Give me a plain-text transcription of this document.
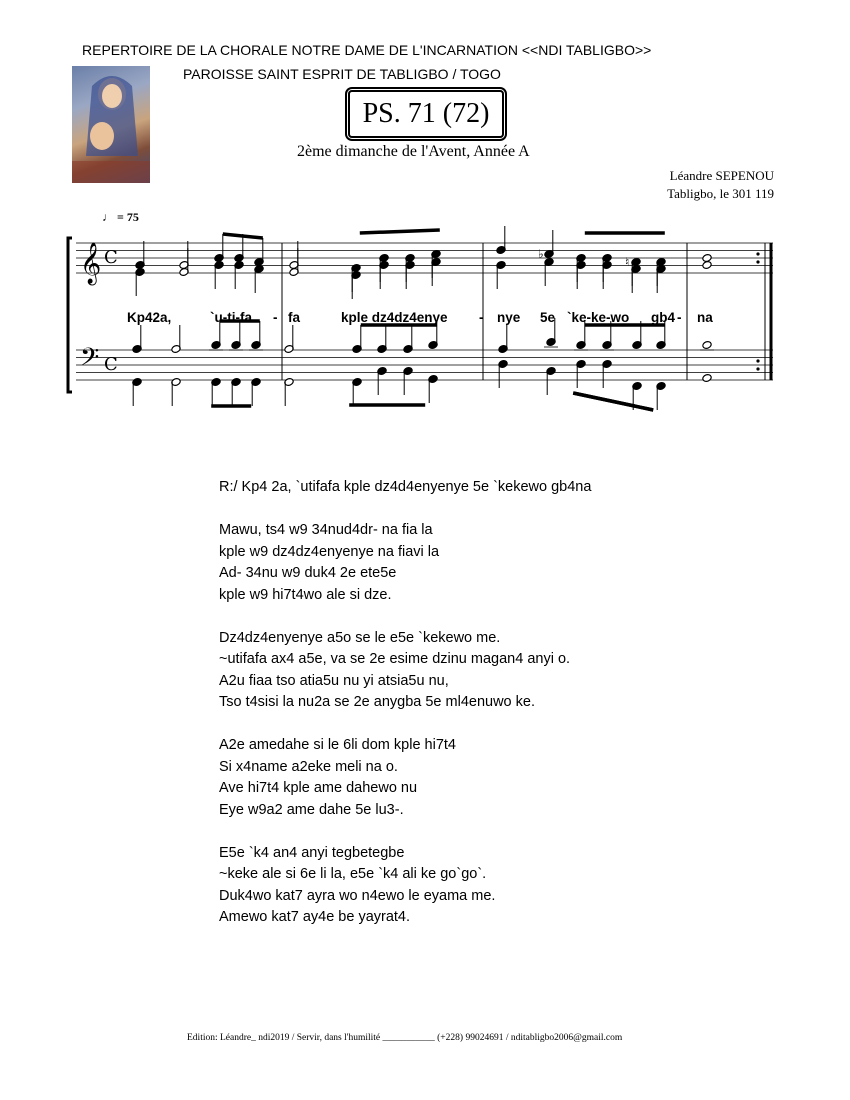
REPERTOIRE DE LA CHORALE NOTRE DAME DE L'INCARNATION <<NDI TABLIGBO>>
PAROISSE SAINT ESPRIT DE TABLIGBO / TOGO
PS. 71 (72)
2ème dimanche de l'Avent, Année A
Léandre SEPENOU
Tabligbo, le 301 119
♩ = 75
𝄞
𝄢
C
C
♭
♮
Kp42a,	`u-ti-fa - fa	kple dz4dz4enye - nye 5e `ke-ke-wo gb4 - na
R:/ Kp4 2a, `utifafa kple dz4d4enyenye 5e `kekewo gb4na
Mawu, ts4 w9 34nud4dr- na fia la
kple w9 dz4dz4enyenye na fiavi la
Ad- 34nu w9 duk4 2e ete5e
kple w9 hi7t4wo ale si dze.
Dz4dz4enyenye a5o se le e5e `kekewo me.
~utifafa ax4 a5e, va se 2e esime dzinu magan4 anyi o.
A2u fiaa tso atia5u nu yi atsia5u nu,
Tso t4sisi la nu2a se 2e anygba 5e ml4enuwo ke.
A2e amedahe si le 6li dom kple hi7t4
Si x4name a2eke meli na o.
Ave hi7t4 kple ame dahewo nu
Eye w9a2 ame dahe 5e lu3-.
E5e `k4 an4 anyi tegbetegbe
~keke ale si 6e li la, e5e `k4 ali ke go`go`.
Duk4wo kat7 ayra wo n4ewo le eyama me.
Amewo kat7 ay4e be yayrat4.
Edition: Léandre_ ndi2019 / Servir, dans l'humilité ___________ (+228) 99024691 / nditabligbo2006@gmail.com
